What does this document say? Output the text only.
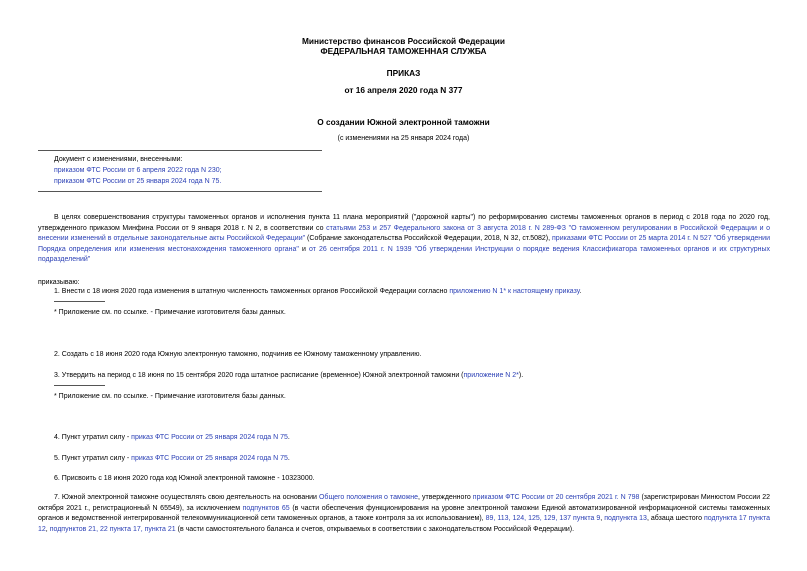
Министерство финансов Российской Федерации
ФЕДЕРАЛЬНАЯ ТАМОЖЕННАЯ СЛУЖБА
ПРИКАЗ
от 16 апреля 2020 года N 377
О создании Южной электронной таможни
(с изменениями на 25 января 2024 года)
Документ с изменениями, внесенными:
приказом ФТС России от 6 апреля 2022 года N 230;
приказом ФТС России от 25 января 2024 года N 75.
В целях совершенствования структуры таможенных органов и исполнения пункта 11 плана мероприятий ("дорожной карты") по реформированию системы таможенных органов в период с 2018 года по 2020 год, утвержденного приказом Минфина России от 9 января 2018 г. N 2, в соответствии со статьями 253 и 257 Федерального закона от 3 августа 2018 г. N 289-ФЗ "О таможенном регулировании в Российской Федерации и о внесении изменений в отдельные законодательные акты Российской Федерации" (Собрание законодательства Российской Федерации, 2018, N 32, ст.5082), приказами ФТС России от 25 марта 2014 г. N 527 "Об утверждении Порядка определения или изменения местонахождения таможенного органа" и от 26 сентября 2011 г. N 1939 "Об утверждении Инструкции о порядке ведения Классификатора таможенных органов и их структурных подразделений"
приказываю:
1. Внести с 18 июня 2020 года изменения в штатную численность таможенных органов Российской Федерации согласно приложению N 1* к настоящему приказу.
* Приложение см. по ссылке. - Примечание изготовителя базы данных.
2. Создать с 18 июня 2020 года Южную электронную таможню, подчинив ее Южному таможенному управлению.
3. Утвердить на период с 18 июня по 15 сентября 2020 года штатное расписание (временное) Южной электронной таможни (приложение N 2*).
* Приложение см. по ссылке. - Примечание изготовителя базы данных.
4. Пункт утратил силу - приказ ФТС России от 25 января 2024 года N 75.
5. Пункт утратил силу - приказ ФТС России от 25 января 2024 года N 75.
6. Присвоить с 18 июня 2020 года код Южной электронной таможне - 10323000.
7. Южной электронной таможне осуществлять свою деятельность на основании Общего положения о таможне, утвержденного приказом ФТС России от 20 сентября 2021 г. N 798 (зарегистрирован Минюстом России 22 октября 2021 г., регистрационный N 65549), за исключением подпунктов 65 (в части обеспечения функционирования на уровне электронной таможни Единой автоматизированной информационной системы таможенных органов и ведомственной интегрированной телекоммуникационной сети таможенных органов, а также контроля за их использованием), 89, 113, 124, 125, 129, 137 пункта 9, подпункта 13, абзаца шестого подпункта 17 пункта 12, подпунктов 21, 22 пункта 17, пункта 21 (в части самостоятельного баланса и счетов, открываемых в соответствии с законодательством Российской Федерации).
